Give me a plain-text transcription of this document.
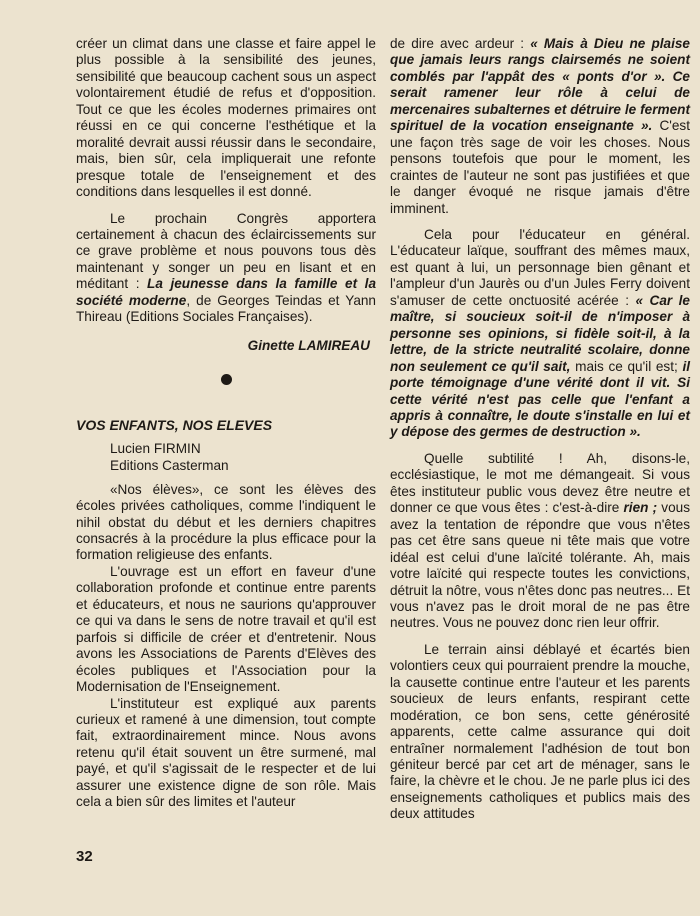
créer un climat dans une classe et faire appel le plus possible à la sensibilité des jeunes, sensibilité que beaucoup cachent sous un aspect volontairement étudié de refus et d'opposition. Tout ce que les écoles modernes primaires ont réussi en ce qui concerne l'esthétique et la moralité devrait aussi réussir dans le secondaire, mais, bien sûr, cela impliquerait une refonte presque totale de l'enseignement et des conditions dans lesquelles il est donné.

Le prochain Congrès apportera certainement à chacun des éclaircissements sur ce grave problème et nous pouvons tous dès maintenant y songer un peu en lisant et en méditant : La jeunesse dans la famille et la société moderne, de Georges Teindas et Yann Thireau (Editions Sociales Françaises).

Ginette LAMIREAU
VOS ENFANTS, NOS ELEVES
Lucien FIRMIN
Editions Casterman

«Nos élèves», ce sont les élèves des écoles privées catholiques, comme l'indiquent le nihil obstat du début et les derniers chapitres consacrés à la procédure la plus efficace pour la formation religieuse des enfants.

L'ouvrage est un effort en faveur d'une collaboration profonde et continue entre parents et éducateurs, et nous ne saurions qu'approuver ce qui va dans le sens de notre travail et qu'il est parfois si difficile de créer et d'entretenir. Nous avons les Associations de Parents d'Elèves des écoles publiques et l'Association pour la Modernisation de l'Enseignement.

L'instituteur est expliqué aux parents curieux et ramené à une dimension, tout compte fait, extraordinairement mince. Nous avons retenu qu'il était souvent un être surmené, mal payé, et qu'il s'agissait de le respecter et de lui assurer une existence digne de son rôle. Mais cela a bien sûr des limites et l'auteur

de dire avec ardeur : « Mais à Dieu ne plaise que jamais leurs rangs clairsemés ne soient comblés par l'appât des « ponts d'or ». Ce serait ramener leur rôle à celui de mercenaires subalternes et détruire le ferment spirituel de la vocation enseignante ». C'est une façon très sage de voir les choses. Nous pensons toutefois que pour le moment, les craintes de l'auteur ne sont pas justifiées et que le danger évoqué ne risque jamais d'être imminent.

Cela pour l'éducateur en général. L'éducateur laïque, souffrant des mêmes maux, est quant à lui, un personnage bien gênant et l'ampleur d'un Jaurès ou d'un Jules Ferry doivent s'amuser de cette onctuosité acérée : « Car le maître, si soucieux soit-il de n'imposer à personne ses opinions, si fidèle soit-il, à la lettre, de la stricte neutralité scolaire, donne non seulement ce qu'il sait, mais ce qu'il est; il porte témoignage d'une vérité dont il vit. Si cette vérité n'est pas celle que l'enfant a appris à connaître, le doute s'installe en lui et y dépose des germes de destruction ».

Quelle subtilité ! Ah, disons-le, ecclésiastique, le mot me démangeait. Si vous êtes instituteur public vous devez être neutre et donner ce que vous êtes : c'est-à-dire rien ; vous avez la tentation de répondre que vous n'êtes pas cet être sans queue ni tête mais que votre idéal est celui d'une laïcité tolérante. Ah, mais votre laïcité qui respecte toutes les convictions, détruit la nôtre, vous n'êtes donc pas neutres... Et vous n'avez pas le droit moral de ne pas être neutres. Vous ne pouvez donc rien leur offrir.

Le terrain ainsi déblayé et écartés bien volontiers ceux qui pourraient prendre la mouche, la causette continue entre l'auteur et les parents soucieux de leurs enfants, respirant cette modération, ce bon sens, cette générosité apparents, cette calme assurance qui doit entraîner normalement l'adhésion de tout bon géniteur bercé par cet art de ménager, sans le faire, la chèvre et le chou. Je ne parle plus ici des enseignements catholiques et publics mais des deux attitudes

32
